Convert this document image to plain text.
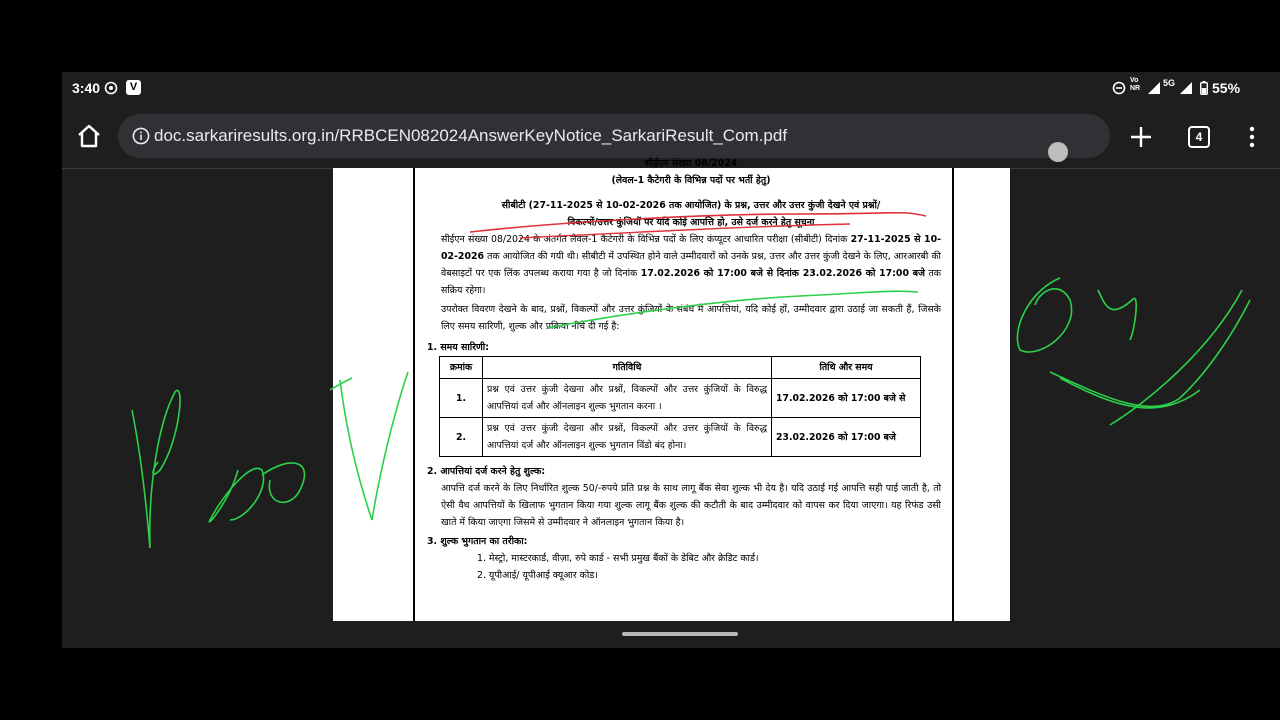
3:40	V
Vo
NR
5G	55%
doc.sarkariresults.org.in/RRBCEN082024AnswerKeyNotice_SarkariResult_Com.pdf	4
सीईएन संख्या 08/2024
(लेवल-1 कैटेगरी के विभिन्न पदों पर भर्ती हेतु)
सीबीटी (27-11-2025 से 10-02-2026 तक आयोजित) के प्रश्न, उत्तर और उत्तर कुंजी देखने एवं प्रश्नों/
विकल्पों/उत्तर कुंजियों पर यदि कोई आपत्ति हो, उसे दर्ज करने हेतु सूचना

सीईएन संख्या 08/2024 के अंतर्गत लेवल-1 कैटेगरी के विभिन्न पदों के लिए कंप्यूटर आधारित परीक्षा (सीबीटी) दिनांक 27-11-2025 से 10-02-2026 तक आयोजित की गयी थी। सीबीटी में उपस्थित होने वाले उम्मीदवारों को उनके प्रश्न, उत्तर और उत्तर कुंजी देखने के लिए, आरआरबी की वेबसाइटों पर एक लिंक उपलब्ध कराया गया है जो दिनांक 17.02.2026 को 17:00 बजे से दिनांक 23.02.2026 को 17:00 बजे तक सक्रिय रहेगा।

उपरोक्त विवरण देखने के बाद, प्रश्नों, विकल्पों और उत्तर कुंजियों के संबंध में आपत्तियां, यदि कोई हों, उम्मीदवार द्वारा उठाई जा सकती हैं, जिसके लिए समय सारिणी, शुल्क और प्रक्रिया नीचे दी गई है:

1. समय सारिणी:
क्रमांक	गतिविधि	तिथि और समय
1.	प्रश्न एवं उत्तर कुंजी देखना और प्रश्नों, विकल्पों और उत्तर कुंजियों के विरुद्ध आपत्तियां दर्ज और ऑनलाइन शुल्क भुगतान करना ।	17.02.2026 को 17:00 बजे से
2.	प्रश्न एवं उत्तर कुंजी देखना और प्रश्नों, विकल्पों और उत्तर कुंजियों के विरुद्ध आपत्तियां दर्ज और ऑनलाइन शुल्क भुगतान विंडो बंद होना।	23.02.2026 को 17:00 बजे
2. आपत्तियां दर्ज करने हेतु शुल्क:

आपत्ति दर्ज करने के लिए निर्धारित शुल्क 50/-रुपये प्रति प्रश्न के साथ लागू बैंक सेवा शुल्क भी देय है। यदि उठाई गई आपत्ति सही पाई जाती है, तो ऐसी वैध आपत्तियों के खिलाफ भुगतान किया गया शुल्क लागू बैंक शुल्क की कटौती के बाद उम्मीदवार को वापस कर दिया जाएगा। यह रिफंड उसी खाते में किया जाएगा जिसमे से उम्मीदवार ने ऑनलाइन भुगतान किया है।

3. शुल्क भुगतान का तरीका:
1. मेस्ट्रो, मास्टरकार्ड, वीज़ा, रुपे कार्ड - सभी प्रमुख बैंकों के डेबिट और क्रेडिट कार्ड।
2. यूपीआई/ यूपीआई क्यूआर कोड।
